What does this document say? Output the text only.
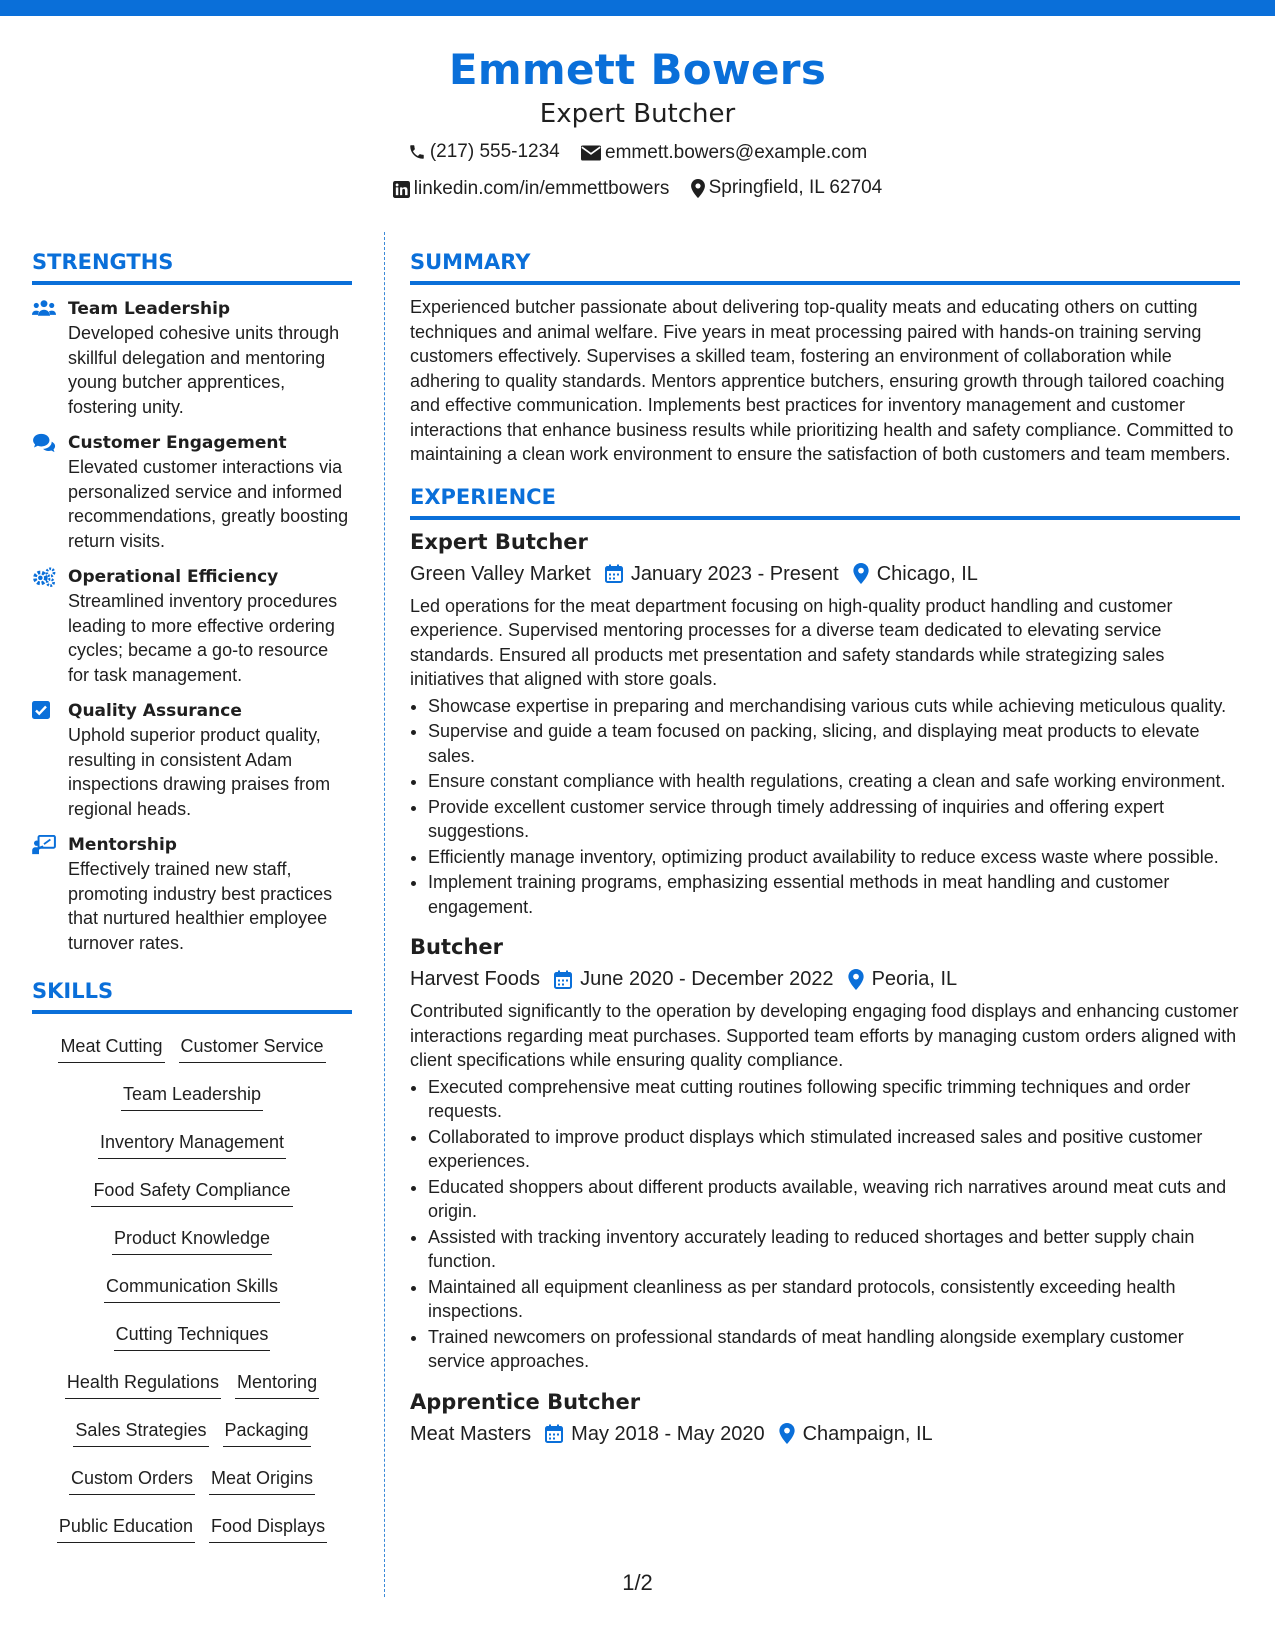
Emmett Bowers
Expert Butcher
(217) 555-1234
emmett.bowers@example.com
linkedin.com/in/emmettbowers
Springfield, IL 62704
STRENGTHS
Team Leadership
Developed cohesive units through skillful delegation and mentoring young butcher apprentices, fostering unity.
Customer Engagement
Elevated customer interactions via personalized service and informed recommendations, greatly boosting return visits.
Operational Efficiency
Streamlined inventory procedures leading to more effective ordering cycles; became a go-to resource for task management.
Quality Assurance
Uphold superior product quality, resulting in consistent Adam inspections drawing praises from regional heads.
Mentorship
Effectively trained new staff, promoting industry best practices that nurtured healthier employee turnover rates.
SKILLS
Meat Cutting Customer Service
Team Leadership
Inventory Management
Food Safety Compliance
Product Knowledge
Communication Skills
Cutting Techniques
Health Regulations Mentoring
Sales Strategies Packaging
Custom Orders Meat Origins
Public Education Food Displays
SUMMARY
Experienced butcher passionate about delivering top-quality meats and educating others on cutting techniques and animal welfare. Five years in meat processing paired with hands-on training serving customers effectively. Supervises a skilled team, fostering an environment of collaboration while adhering to quality standards. Mentors apprentice butchers, ensuring growth through tailored coaching and effective communication. Implements best practices for inventory management and customer interactions that enhance business results while prioritizing health and safety compliance. Committed to maintaining a clean work environment to ensure the satisfaction of both customers and team members.
EXPERIENCE
Expert Butcher
Green Valley Market January 2023 - Present Chicago, IL
Led operations for the meat department focusing on high-quality product handling and customer experience. Supervised mentoring processes for a diverse team dedicated to elevating service standards. Ensured all products met presentation and safety standards while strategizing sales initiatives that aligned with store goals.
• Showcase expertise in preparing and merchandising various cuts while achieving meticulous quality.
• Supervise and guide a team focused on packing, slicing, and displaying meat products to elevate sales.
• Ensure constant compliance with health regulations, creating a clean and safe working environment.
• Provide excellent customer service through timely addressing of inquiries and offering expert suggestions.
• Efficiently manage inventory, optimizing product availability to reduce excess waste where possible.
• Implement training programs, emphasizing essential methods in meat handling and customer engagement.
Butcher
Harvest Foods June 2020 - December 2022 Peoria, IL
Contributed significantly to the operation by developing engaging food displays and enhancing customer interactions regarding meat purchases. Supported team efforts by managing custom orders aligned with client specifications while ensuring quality compliance.
• Executed comprehensive meat cutting routines following specific trimming techniques and order requests.
• Collaborated to improve product displays which stimulated increased sales and positive customer experiences.
• Educated shoppers about different products available, weaving rich narratives around meat cuts and origin.
• Assisted with tracking inventory accurately leading to reduced shortages and better supply chain function.
• Maintained all equipment cleanliness as per standard protocols, consistently exceeding health inspections.
• Trained newcomers on professional standards of meat handling alongside exemplary customer service approaches.
Apprentice Butcher
Meat Masters May 2018 - May 2020 Champaign, IL
1/2
